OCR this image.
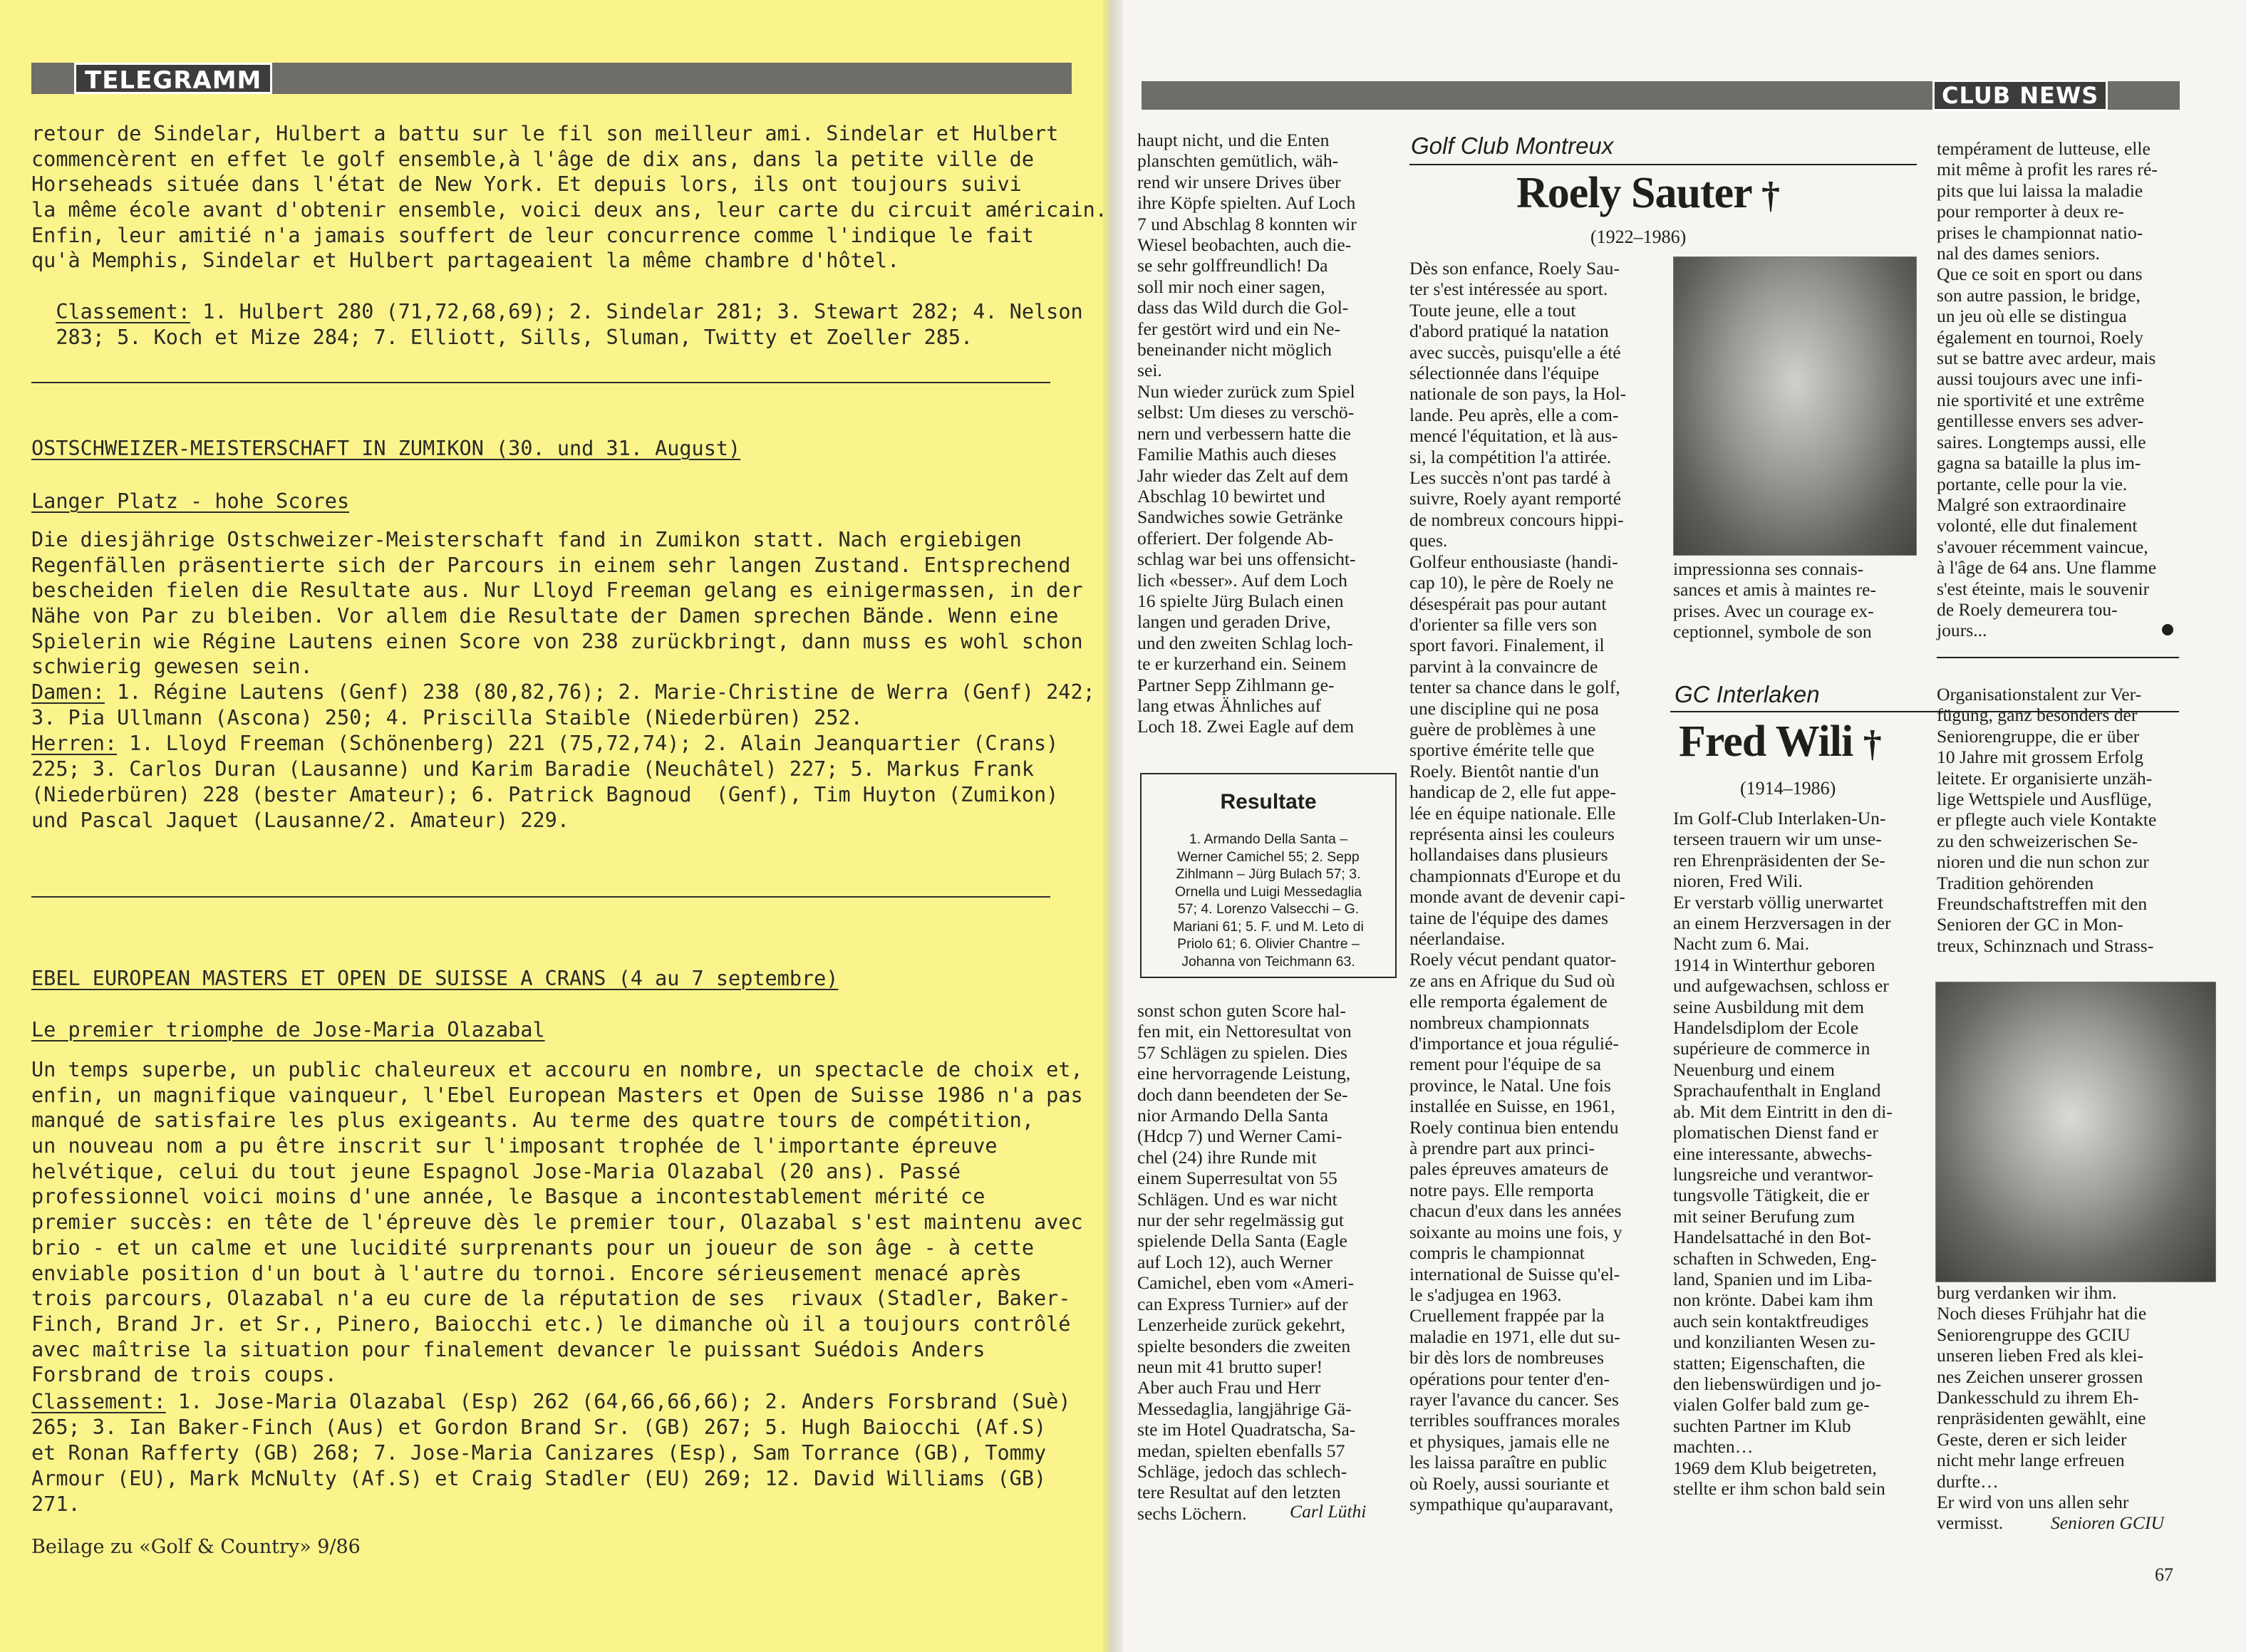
TELEGRAMM
retour de Sindelar, Hulbert a battu sur le fil son meilleur ami. Sindelar et Hulbert
commencèrent en effet le golf ensemble,à l'âge de dix ans, dans la petite ville de
Horseheads située dans l'état de New York. Et depuis lors, ils ont toujours suivi
la même école avant d'obtenir ensemble, voici deux ans, leur carte du circuit américain.
Enfin, leur amitié n'a jamais souffert de leur concurrence comme l'indique le fait
qu'à Memphis, Sindelar et Hulbert partageaient la même chambre d'hôtel.

Classement: 1. Hulbert 280 (71,72,68,69); 2. Sindelar 281; 3. Stewart 282; 4. Nelson

283; 5. Koch et Mize 284; 7. Elliott, Sills, Sluman, Twitty et Zoeller 285.

OSTSCHWEIZER-MEISTERSCHAFT IN ZUMIKON (30. und 31. August)
Langer Platz - hohe Scores
Die diesjährige Ostschweizer-Meisterschaft fand in Zumikon statt. Nach ergiebigen
Regenfällen präsentierte sich der Parcours in einem sehr langen Zustand. Entsprechend
bescheiden fielen die Resultate aus. Nur Lloyd Freeman gelang es einigermassen, in der
Nähe von Par zu bleiben. Vor allem die Resultate der Damen sprechen Bände. Wenn eine
Spielerin wie Régine Lautens einen Score von 238 zurückbringt, dann muss es wohl schon
schwierig gewesen sein.
Damen: 1. Régine Lautens (Genf) 238 (80,82,76); 2. Marie-Christine de Werra (Genf) 242;
3. Pia Ullmann (Ascona) 250; 4. Priscilla Staible (Niederbüren) 252.
Herren: 1. Lloyd Freeman (Schönenberg) 221 (75,72,74); 2. Alain Jeanquartier (Crans)
225; 3. Carlos Duran (Lausanne) und Karim Baradie (Neuchâtel) 227; 5. Markus Frank
(Niederbüren) 228 (bester Amateur); 6. Patrick Bagnoud  (Genf), Tim Huyton (Zumikon)
und Pascal Jaquet (Lausanne/2. Amateur) 229.
EBEL EUROPEAN MASTERS ET OPEN DE SUISSE A CRANS (4 au 7 septembre)
Le premier triomphe de Jose-Maria Olazabal
Un temps superbe, un public chaleureux et accouru en nombre, un spectacle de choix et,
enfin, un magnifique vainqueur, l'Ebel European Masters et Open de Suisse 1986 n'a pas
manqué de satisfaire les plus exigeants. Au terme des quatre tours de compétition,
un nouveau nom a pu être inscrit sur l'imposant trophée de l'importante épreuve
helvétique, celui du tout jeune Espagnol Jose-Maria Olazabal (20 ans). Passé
professionnel voici moins d'une année, le Basque a incontestablement mérité ce
premier succès: en tête de l'épreuve dès le premier tour, Olazabal s'est maintenu avec
brio - et un calme et une lucidité surprenants pour un joueur de son âge - à cette
enviable position d'un bout à l'autre du tornoi. Encore sérieusement menacé après
trois parcours, Olazabal n'a eu cure de la réputation de ses  rivaux (Stadler, Baker-
Finch, Brand Jr. et Sr., Pinero, Baiocchi etc.) le dimanche où il a toujours contrôlé
avec maîtrise la situation pour finalement devancer le puissant Suédois Anders
Forsbrand de trois coups.
Classement: 1. Jose-Maria Olazabal (Esp) 262 (64,66,66,66); 2. Anders Forsbrand (Suè)
265; 3. Ian Baker-Finch (Aus) et Gordon Brand Sr. (GB) 267; 5. Hugh Baiocchi (Af.S)
et Ronan Rafferty (GB) 268; 7. Jose-Maria Canizares (Esp), Sam Torrance (GB), Tommy
Armour (EU), Mark McNulty (Af.S) et Craig Stadler (EU) 269; 12. David Williams (GB)
271.
Beilage zu «Golf & Country» 9/86
CLUB NEWS
haupt nicht, und die Enten
planschten gemütlich, wäh-
rend wir unsere Drives über
ihre Köpfe spielten. Auf Loch
7 und Abschlag 8 konnten wir
Wiesel beobachten, auch die-
se sehr golffreundlich! Da
soll mir noch einer sagen,
dass das Wild durch die Gol-
fer gestört wird und ein Ne-
beneinander nicht möglich
sei.
Nun wieder zurück zum Spiel
selbst: Um dieses zu verschö-
nern und verbessern hatte die
Familie Mathis auch dieses
Jahr wieder das Zelt auf dem
Abschlag 10 bewirtet und
Sandwiches sowie Getränke
offeriert. Der folgende Ab-
schlag war bei uns offensicht-
lich «besser». Auf dem Loch
16 spielte Jürg Bulach einen
langen und geraden Drive,
und den zweiten Schlag loch-
te er kurzerhand ein. Seinem
Partner Sepp Zihlmann ge-
lang etwas Ähnliches auf
Loch 18. Zwei Eagle auf dem
Resultate
1. Armando Della Santa –
Werner Camichel 55; 2. Sepp
Zihlmann – Jürg Bulach 57; 3.
Ornella und Luigi Messedaglia
57; 4. Lorenzo Valsecchi – G.
Mariani 61; 5. F. und M. Leto di
Priolo 61; 6. Olivier Chantre –
Johanna von Teichmann 63.
sonst schon guten Score hal-
fen mit, ein Nettoresultat von
57 Schlägen zu spielen. Dies
eine hervorragende Leistung,
doch dann beendeten der Se-
nior Armando Della Santa
(Hdcp 7) und Werner Cami-
chel (24) ihre Runde mit
einem Superresultat von 55
Schlägen. Und es war nicht
nur der sehr regelmässig gut
spielende Della Santa (Eagle
auf Loch 12), auch Werner
Camichel, eben vom «Ameri-
can Express Turnier» auf der
Lenzerheide zurück gekehrt,
spielte besonders die zweiten
neun mit 41 brutto super!
Aber auch Frau und Herr
Messedaglia, langjährige Gä-
ste im Hotel Quadratscha, Sa-
medan, spielten ebenfalls 57
Schläge, jedoch das schlech-
tere Resultat auf den letzten
sechs Löchern.	Carl Lüthi
Golf Club Montreux
Roely Sauter †
(1922–1986)
Dès son enfance, Roely Sau-
ter s'est intéressée au sport.
Toute jeune, elle a tout
d'abord pratiqué la natation
avec succès, puisqu'elle a été
sélectionnée dans l'équipe
nationale de son pays, la Hol-
lande. Peu après, elle a com-
mencé l'équitation, et là aus-
si, la compétition l'a attirée.
Les succès n'ont pas tardé à
suivre, Roely ayant remporté
de nombreux concours hippi-
ques.
Golfeur enthousiaste (handi-
cap 10), le père de Roely ne
désespérait pas pour autant
d'orienter sa fille vers son
sport favori. Finalement, il
parvint à la convaincre de
tenter sa chance dans le golf,
une discipline qui ne posa
guère de problèmes à une
sportive émérite telle que
Roely. Bientôt nantie d'un
handicap de 2, elle fut appe-
lée en équipe nationale. Elle
représenta ainsi les couleurs
hollandaises dans plusieurs
championnats d'Europe et du
monde avant de devenir capi-
taine de l'équipe des dames
néerlandaise.
Roely vécut pendant quator-
ze ans en Afrique du Sud où
elle remporta également de
nombreux championnats
d'importance et joua régulié-
rement pour l'équipe de sa
province, le Natal. Une fois
installée en Suisse, en 1961,
Roely continua bien entendu
à prendre part aux princi-
pales épreuves amateurs de
notre pays. Elle remporta
chacun d'eux dans les années
soixante au moins une fois, y
compris le championnat
international de Suisse qu'el-
le s'adjugea en 1963.
Cruellement frappée par la
maladie en 1971, elle dut su-
bir dès lors de nombreuses
opérations pour tenter d'en-
rayer l'avance du cancer. Ses
terribles souffrances morales
et physiques, jamais elle ne
les laissa paraître en public
où Roely, aussi souriante et
sympathique qu'auparavant,
impressionna ses connais-
sances et amis à maintes re-
prises. Avec un courage ex-
ceptionnel, symbole de son
GC Interlaken
Fred Wili †
(1914–1986)
Im Golf-Club Interlaken-Un-
terseen trauern wir um unse-
ren Ehrenpräsidenten der Se-
nioren, Fred Wili.
Er verstarb völlig unerwartet
an einem Herzversagen in der
Nacht zum 6. Mai.
1914 in Winterthur geboren
und aufgewachsen, schloss er
seine Ausbildung mit dem
Handelsdiplom der Ecole
supérieure de commerce in
Neuenburg und einem
Sprachaufenthalt in England
ab. Mit dem Eintritt in den di-
plomatischen Dienst fand er
eine interessante, abwechs-
lungsreiche und verantwor-
tungsvolle Tätigkeit, die er
mit seiner Berufung zum
Handelsattaché in den Bot-
schaften in Schweden, Eng-
land, Spanien und im Liba-
non krönte. Dabei kam ihm
auch sein kontaktfreudiges
und konzilianten Wesen zu-
statten; Eigenschaften, die
den liebenswürdigen und jo-
vialen Golfer bald zum ge-
suchten Partner im Klub
machten…
1969 dem Klub beigetreten,
stellte er ihm schon bald sein
tempérament de lutteuse, elle
mit même à profit les rares ré-
pits que lui laissa la maladie
pour remporter à deux re-
prises le championnat natio-
nal des dames seniors.
Que ce soit en sport ou dans
son autre passion, le bridge,
un jeu où elle se distingua
également en tournoi, Roely
sut se battre avec ardeur, mais
aussi toujours avec une infi-
nie sportivité et une extrême
gentillesse envers ses adver-
saires. Longtemps aussi, elle
gagna sa bataille la plus im-
portante, celle pour la vie.
Malgré son extraordinaire
volonté, elle dut finalement
s'avouer récemment vaincue,
à l'âge de 64 ans. Une flamme
s'est éteinte, mais le souvenir
de Roely demeurera tou-
jours...
Organisationstalent zur Ver-
fügung, ganz besonders der
Seniorengruppe, die er über
10 Jahre mit grossem Erfolg
leitete. Er organisierte unzäh-
lige Wettspiele und Ausflüge,
er pflegte auch viele Kontakte
zu den schweizerischen Se-
nioren und die nun schon zur
Tradition gehörenden
Freundschaftstreffen mit den
Senioren der GC in Mon-
treux, Schinznach und Strass-
burg verdanken wir ihm.
Noch dieses Frühjahr hat die
Seniorengruppe des GCIU
unseren lieben Fred als klei-
nes Zeichen unserer grossen
Dankesschuld zu ihrem Eh-
renpräsidenten gewählt, eine
Geste, deren er sich leider
nicht mehr lange erfreuen
durfte…
Er wird von uns allen sehr
vermisst.	Senioren GCIU
67
